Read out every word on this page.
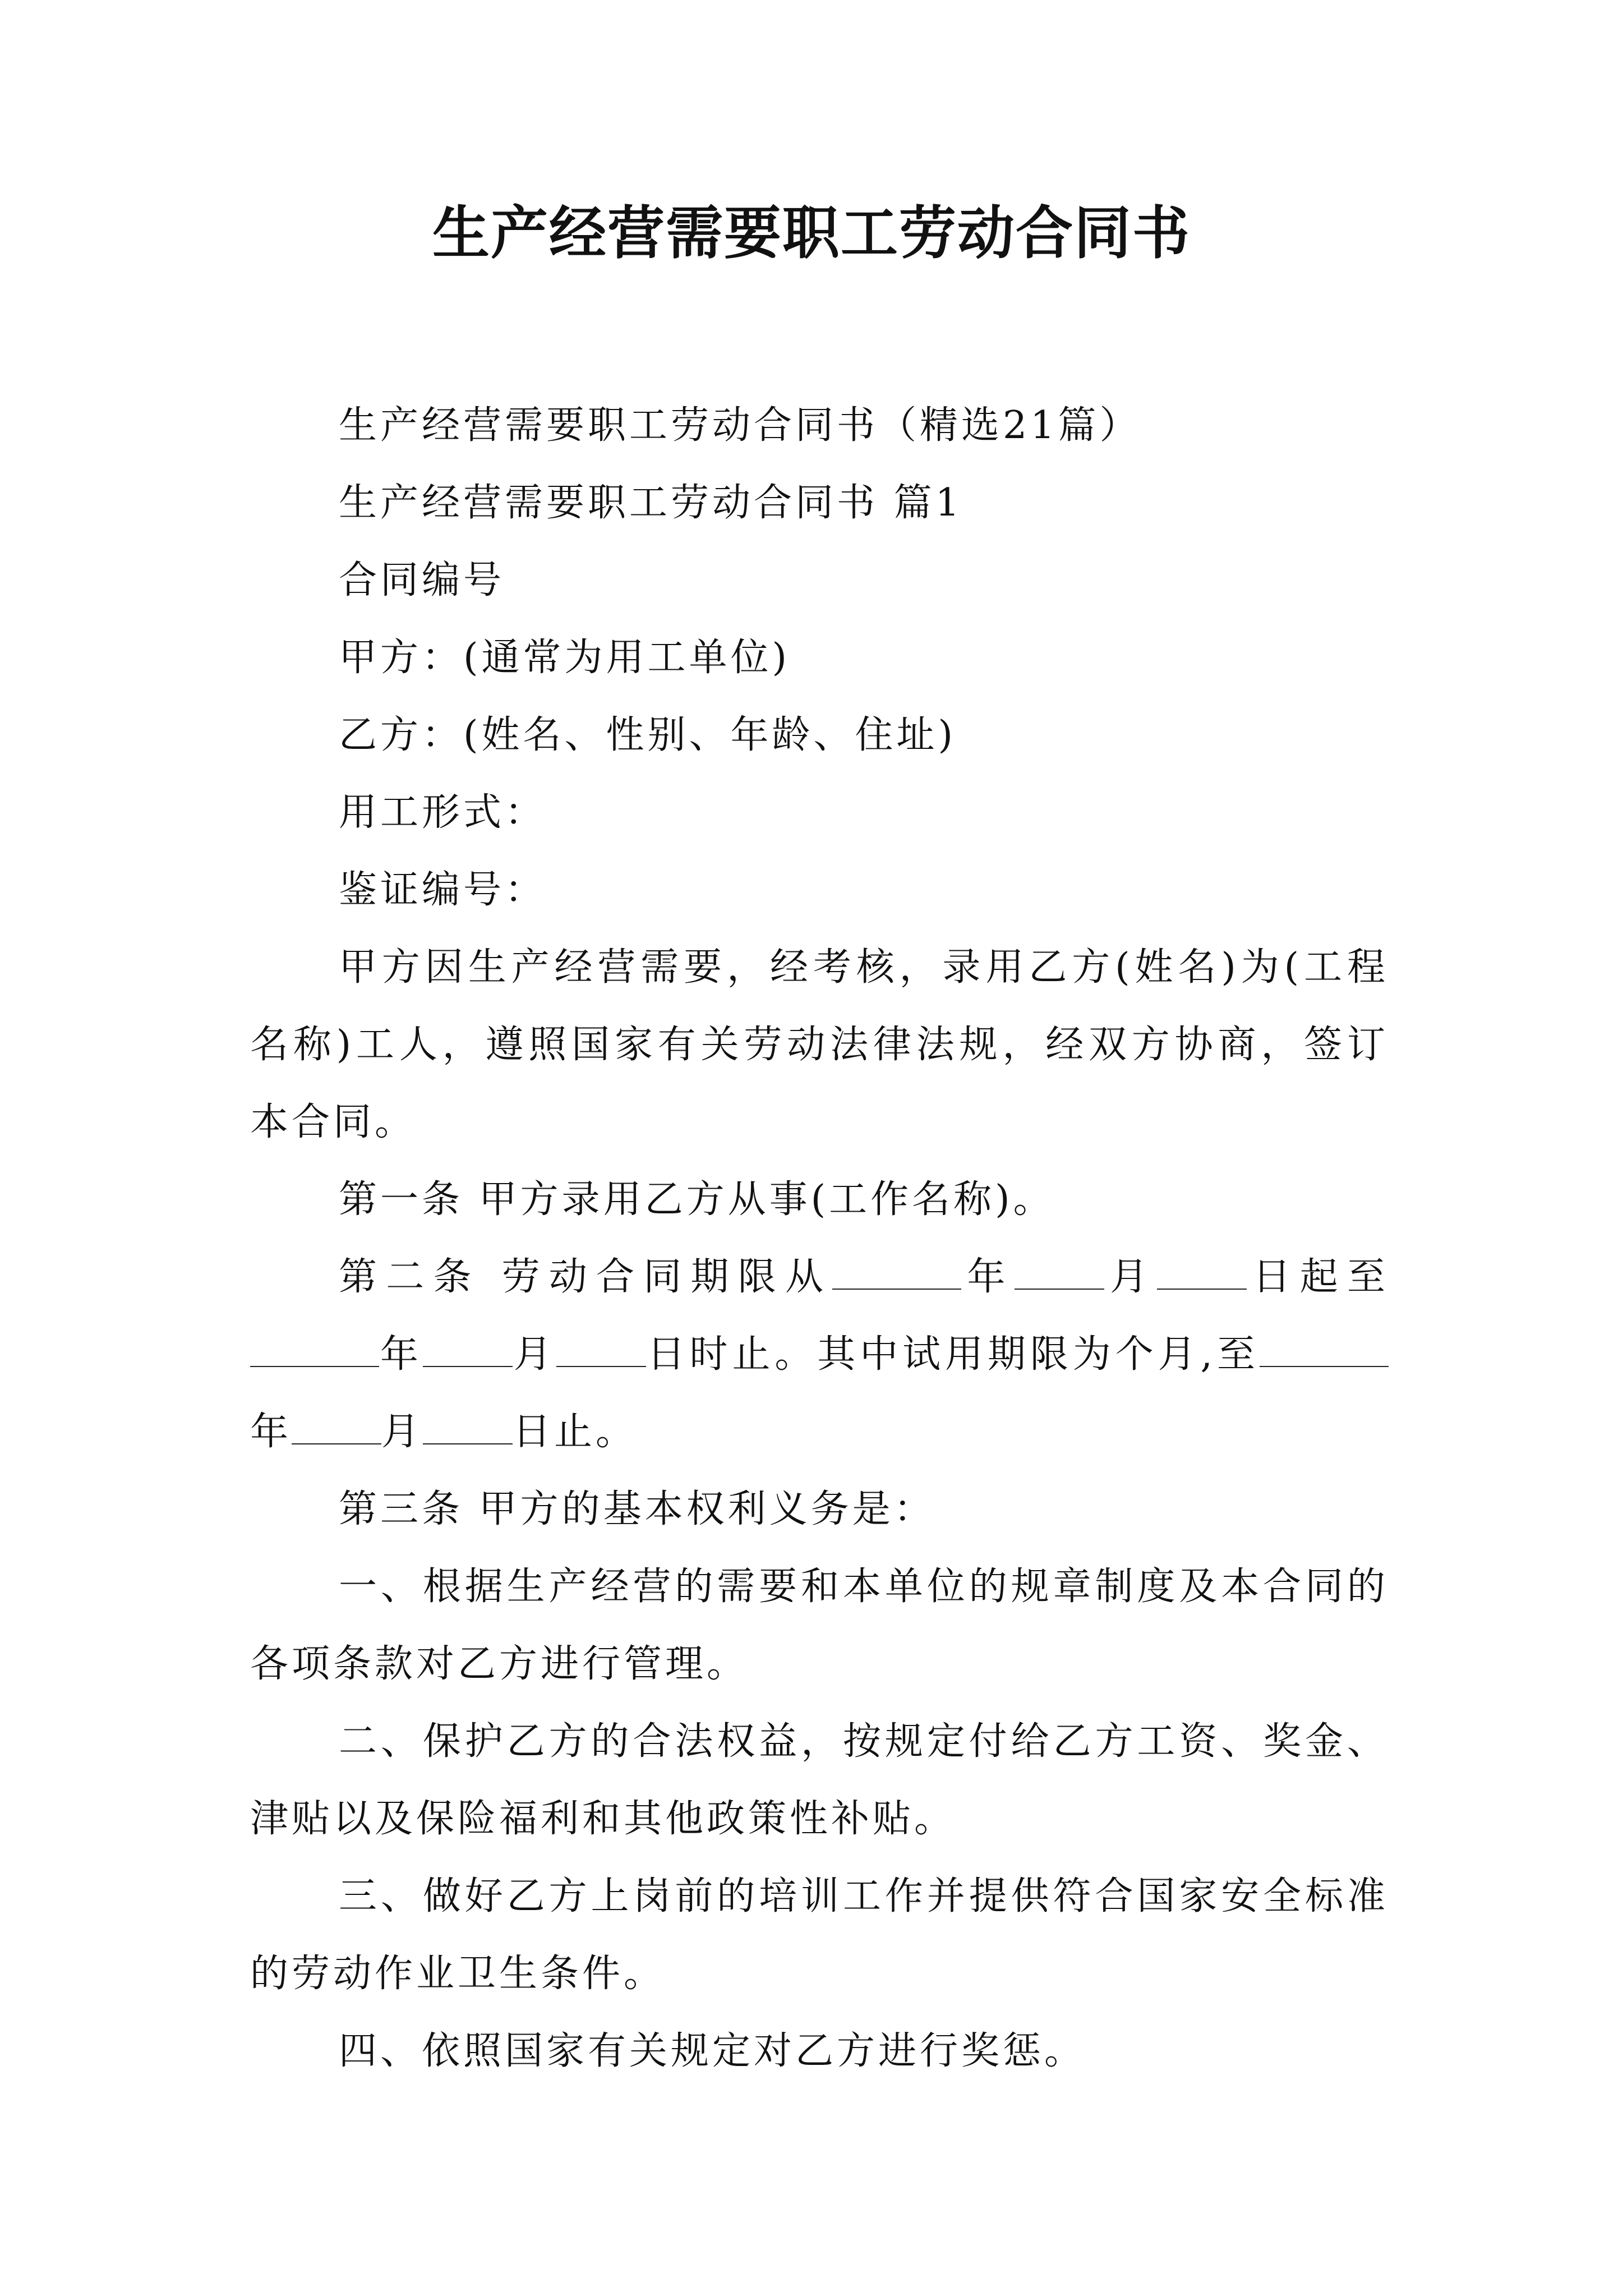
生产经营需要职工劳动合同书

生产经营需要职工劳动合同书（精选21篇）

生产经营需要职工劳动合同书 篇1

合同编号

甲方：(通常为用工单位)

乙方：(姓名、性别、年龄、住址)

用工形式：

鉴证编号：

甲方因生产经营需要，经考核，录用乙方(姓名)为(工程名称)工人，遵照国家有关劳动法律法规，经双方协商，签订本合同。

第一条 甲方录用乙方从事(工作名称)。

第二条 劳动合同期限从	年 月 日起至年 月 日时止。其中试用期限为个月,至年 月 日止。

第三条 甲方的基本权利义务是：

一、根据生产经营的需要和本单位的规章制度及本合同的各项条款对乙方进行管理。

二、保护乙方的合法权益，按规定付给乙方工资、奖金、津贴以及保险福利和其他政策性补贴。

三、做好乙方上岗前的培训工作并提供符合国家安全标准的劳动作业卫生条件。

四、依照国家有关规定对乙方进行奖惩。
